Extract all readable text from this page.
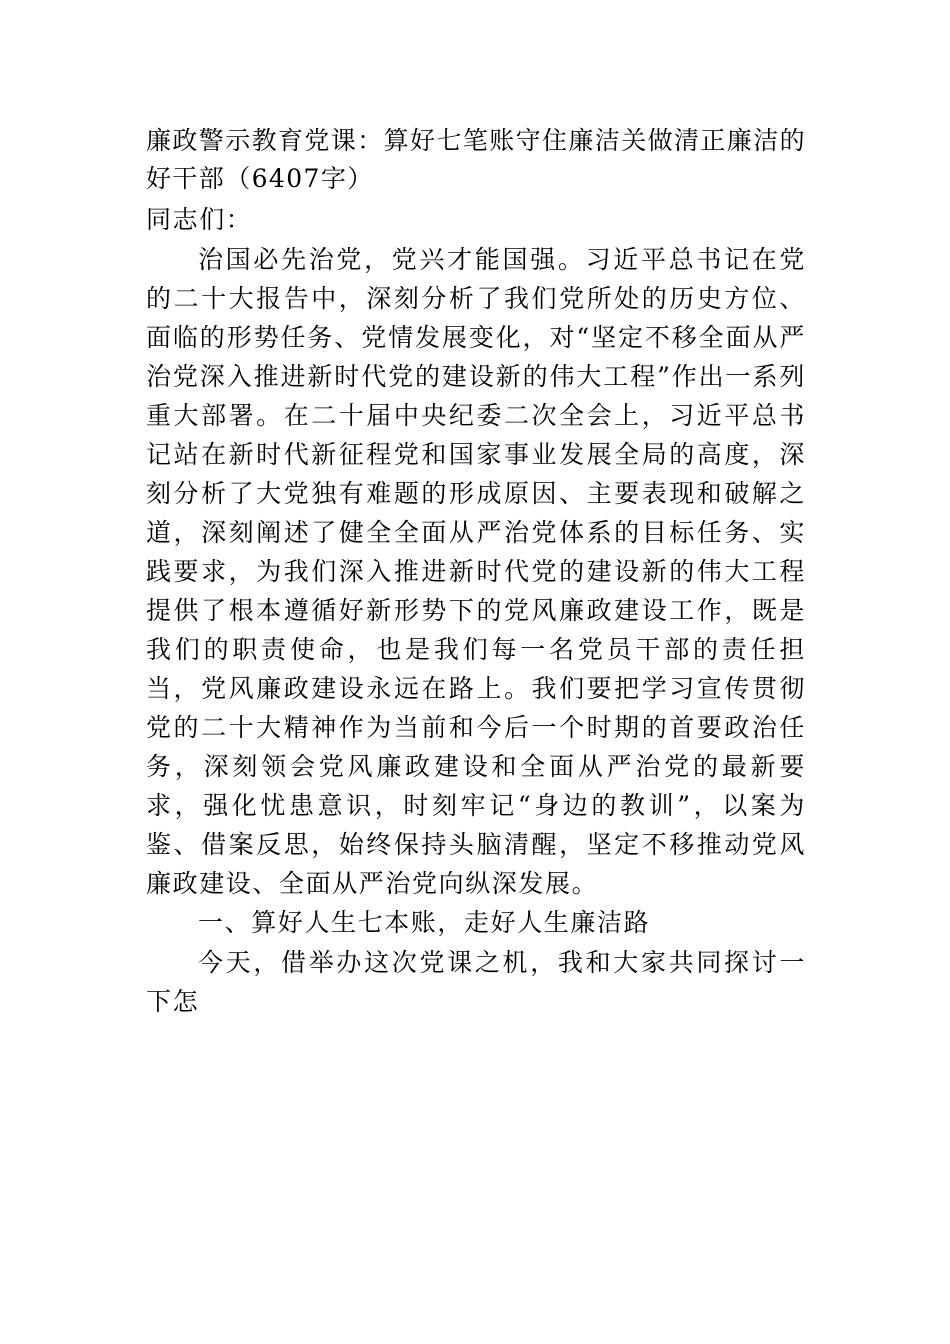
廉政警示教育党课：算好七笔账守住廉洁关做清正廉洁的好干部（6407字）

同志们：

治国必先治党，党兴才能国强。习近平总书记在党的二十大报告中，深刻分析了我们党所处的历史方位、面临的形势任务、党情发展变化，对“坚定不移全面从严治党深入推进新时代党的建设新的伟大工程”作出一系列重大部署。在二十届中央纪委二次全会上，习近平总书记站在新时代新征程党和国家事业发展全局的高度，深刻分析了大党独有难题的形成原因、主要表现和破解之道，深刻阐述了健全全面从严治党体系的目标任务、实践要求，为我们深入推进新时代党的建设新的伟大工程提供了根本遵循好新形势下的党风廉政建设工作，既是我们的职责使命，也是我们每一名党员干部的责任担当，党风廉政建设永远在路上。我们要把学习宣传贯彻党的二十大精神作为当前和今后一个时期的首要政治任务，深刻领会党风廉政建设和全面从严治党的最新要求，强化忧患意识，时刻牢记“身边的教训”，以案为鉴、借案反思，始终保持头脑清醒，坚定不移推动党风廉政建设、全面从严治党向纵深发展。

一、算好人生七本账，走好人生廉洁路

今天，借举办这次党课之机，我和大家共同探讨一下怎
